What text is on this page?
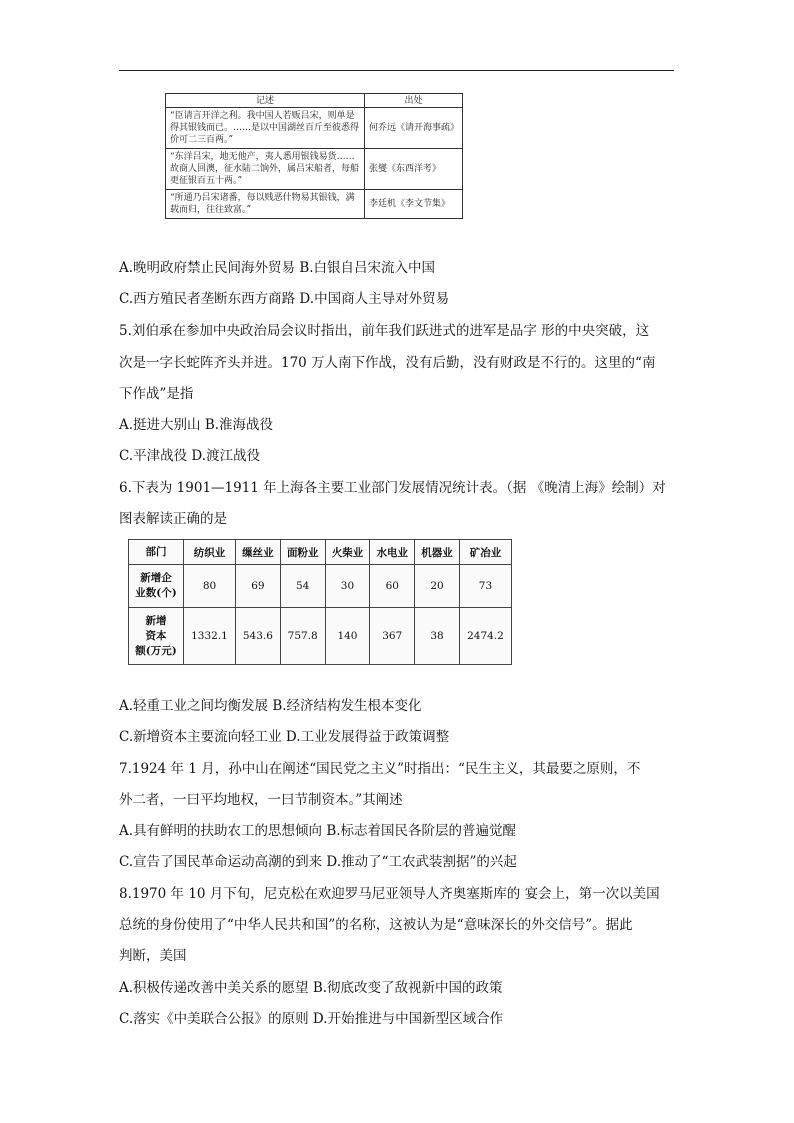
记述	出处
“臣请言开洋之利。我中国人若贩吕宋，则单是得其银钱而已。……是以中国湖丝百斤至彼悉得价可二三百两。”	何乔远《请开海事疏》
“东洋吕宋，地无他产，夷人悉用银钱易货……故商人回澳，征水陆二饷外，属吕宋船者，每船更征银百五十两。”	张燮《东西洋考》
“所通乃吕宋诸番，每以贱恶什物易其银钱，满载而归，往往致富。”	李廷机《李文节集》
A.晚明政府禁止民间海外贸易 B.白银自吕宋流入中国
C.西方殖民者垄断东西方商路 D.中国商人主导对外贸易
5.刘伯承在参加中央政治局会议时指出，前年我们跃进式的进军是品字 形的中央突破，这
次是一字长蛇阵齐头并进。170 万人南下作战，没有后勤，没有财政是不行的。这里的“南
下作战”是指
A.挺进大别山 B.淮海战役
C.平津战役 D.渡江战役
6.下表为 1901—1911 年上海各主要工业部门发展情况统计表。（据 《晚清上海》绘制）对
图表解读正确的是
部门	纺织业	缫丝业	面粉业	火柴业	水电业	机器业	矿冶业

新增企
业数(个)	80	69	54	30	60	20	73

新增
资本
额(万元)	1332.1	543.6	757.8	140	367	38	2474.2
A.轻重工业之间均衡发展 B.经济结构发生根本变化
C.新增资本主要流向轻工业 D.工业发展得益于政策调整
7.1924 年 1 月，孙中山在阐述“国民党之主义”时指出：“民生主义，其最要之原则，不
外二者，一曰平均地权，一曰节制资本。”其阐述
A.具有鲜明的扶助农工的思想倾向 B.标志着国民各阶层的普遍觉醒
C.宣告了国民革命运动高潮的到来 D.推动了“工农武装割据”的兴起
8.1970 年 10 月下旬，尼克松在欢迎罗马尼亚领导人齐奥塞斯库的 宴会上，第一次以美国
总统的身份使用了“中华人民共和国”的名称，这被认为是“意味深长的外交信号”。据此
判断，美国
A.积极传递改善中美关系的愿望 B.彻底改变了敌视新中国的政策
C.落实《中美联合公报》的原则 D.开始推进与中国新型区域合作
